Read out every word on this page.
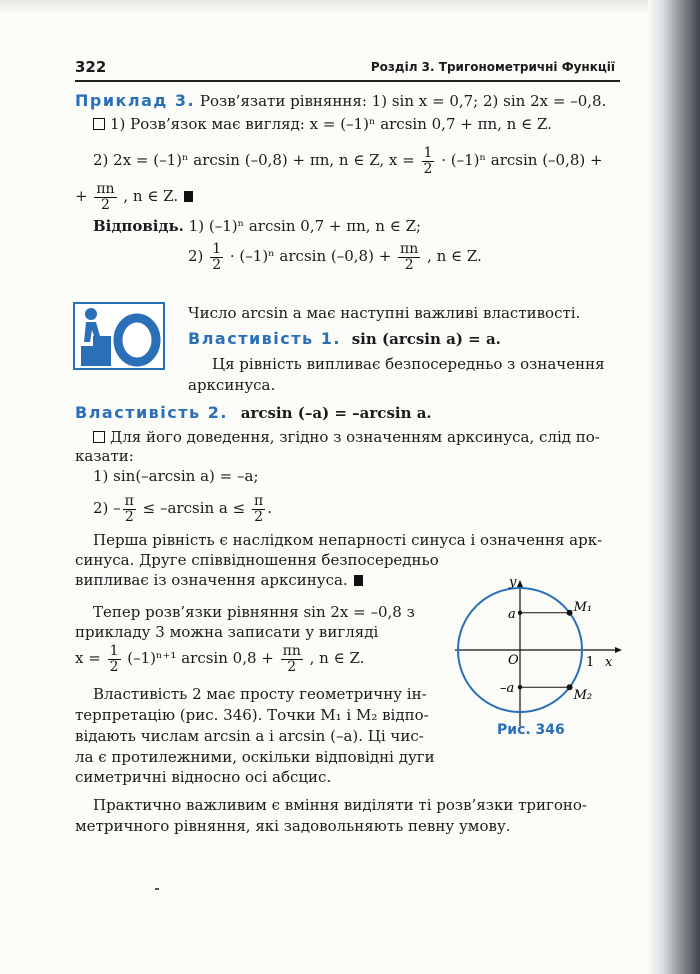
322	Розділ 3. Тригонометричні Функції
Приклад 3. Розв’язати рівняння: 1) sin x = 0,7; 2) sin 2x = –0,8.
1) Розв’язок має вигляд: x = (–1)ⁿ arcsin 0,7 + πn, n ∈ Z.
2) 2x = (–1)ⁿ arcsin (–0,8) + πn, n ∈ Z, $x = \frac{1}{2} \cdot (-1)^n$ arcsin (–0,8) +
+ $\frac{\pi n}{2}$ , n ∈ Z.
Відповідь. 1) (–1)ⁿ arcsin 0,7 + πn, n ∈ Z;
$2) \frac{1}{2} \cdot (-1)^n$ $\arcsin (-0,8) + \frac{\pi n}{2}$ , n ∈ Z.
Число arcsin a має наступні важливі властивості.
Властивість 1. sin (arcsin a) = a.
Ця рівність випливає безпосередньо з означення
арксинуса.
Властивість 2. arcsin (–a) = –arcsin a.
Для його доведення, згідно з означенням арксинуса, слід по-
казати:
1) sin(–arcsin a) = –a;
$2) - \frac{\pi}{2} \le -\arcsin$ $a \le \frac{\pi}{2}$ .
Перша рівність є наслідком непарності синуса і означення арк-
синуса. Друге співвідношення безпосередньо
випливає із означення арксинуса.
Тепер розв’язки рівняння sin 2x = –0,8 з
прикладу 3 можна записати у вигляді
$x = \frac{1}{2} (-1)^{n+1}$ $\arcsin 0,8 + \frac{\pi n}{2}$ , n ∈ Z.
Властивість 2 має просту геометричну ін-
терпретацію (рис. 346). Точки M₁ і M₂ відпо-
відають числам arcsin a і arcsin (–a). Ці чис-
ла є протилежними, оскільки відповідні дуги
симетричні відносно осі абсцис.
Практично важливим є вміння виділяти ті розв’язки тригоно-
метричного рівняння, які задовольняють певну умову.
y
x
O	1
a
–a
M₁
M₂
Рис. 346
